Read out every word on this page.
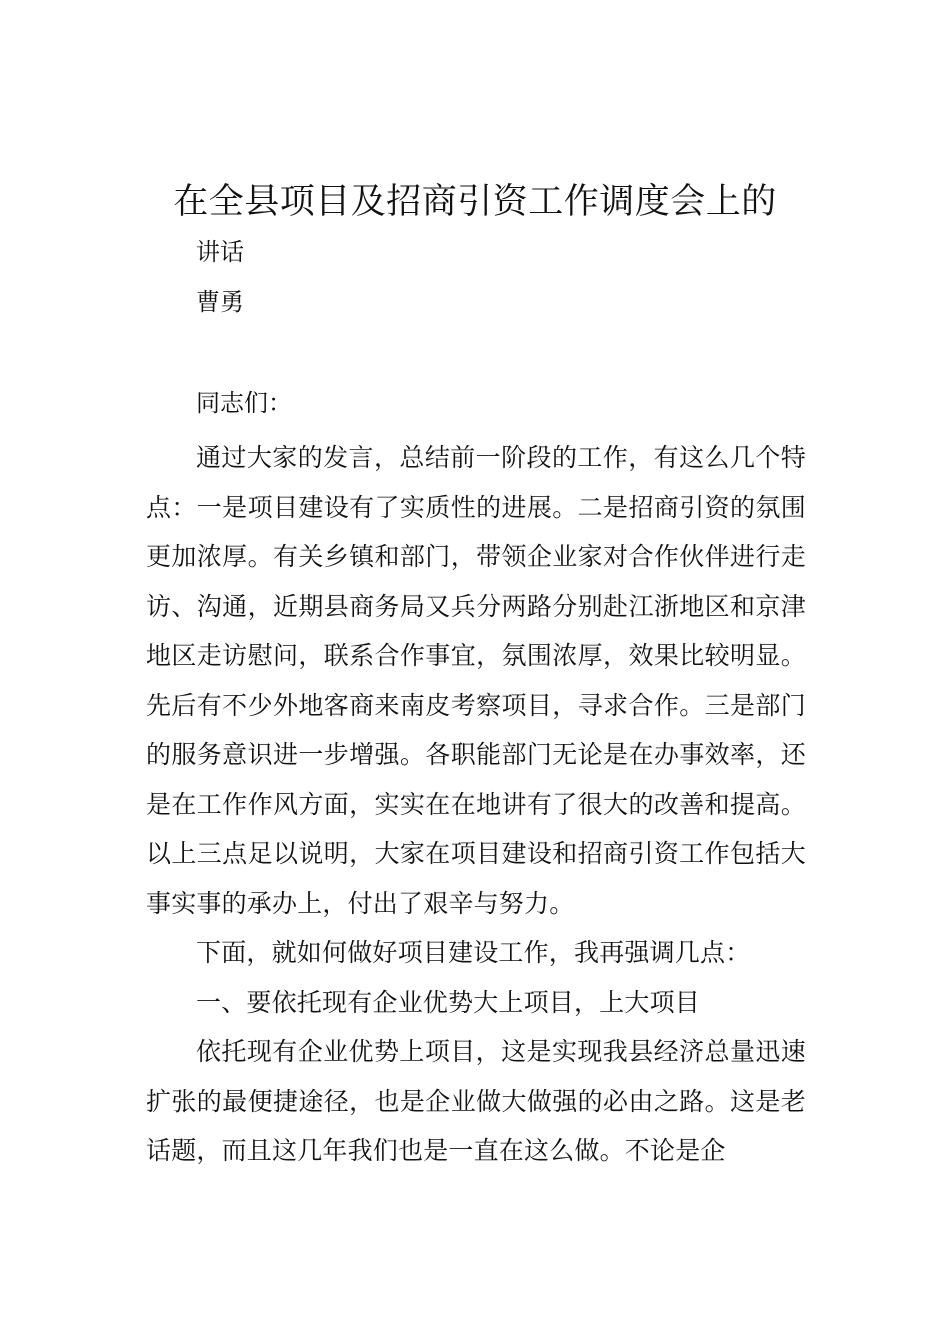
在全县项目及招商引资工作调度会上的

讲话

曹勇

同志们：

通过大家的发言，总结前一阶段的工作，有这么几个特点：一是项目建设有了实质性的进展。二是招商引资的氛围更加浓厚。有关乡镇和部门，带领企业家对合作伙伴进行走访、沟通，近期县商务局又兵分两路分别赴江浙地区和京津地区走访慰问，联系合作事宜，氛围浓厚，效果比较明显。先后有不少外地客商来南皮考察项目，寻求合作。三是部门的服务意识进一步增强。各职能部门无论是在办事效率，还是在工作作风方面，实实在在地讲有了很大的改善和提高。以上三点足以说明，大家在项目建设和招商引资工作包括大事实事的承办上，付出了艰辛与努力。

下面，就如何做好项目建设工作，我再强调几点：

一、要依托现有企业优势大上项目，上大项目

依托现有企业优势上项目，这是实现我县经济总量迅速扩张的最便捷途径，也是企业做大做强的必由之路。这是老话题，而且这几年我们也是一直在这么做。不论是企
